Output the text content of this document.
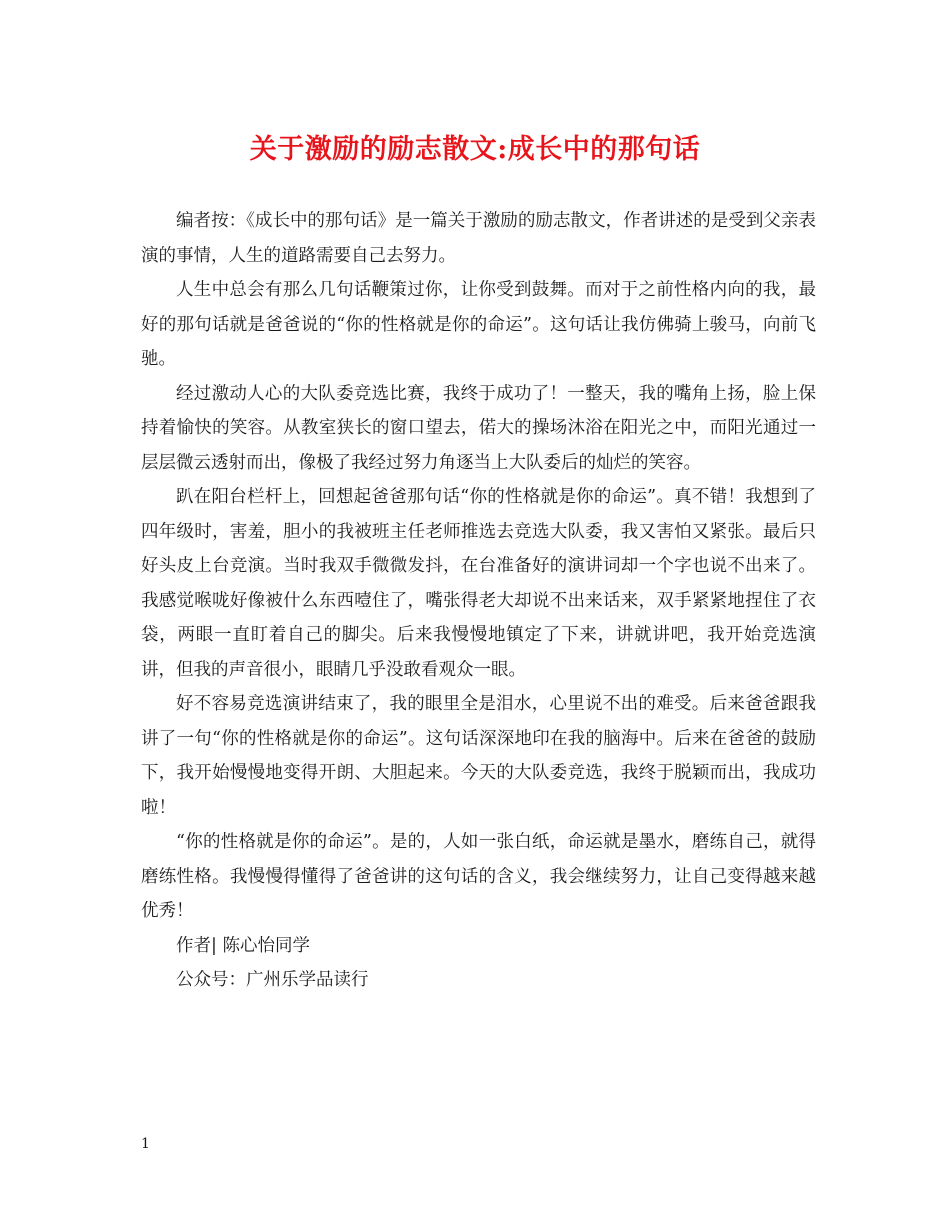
关于激励的励志散文:成长中的那句话

编者按：《成长中的那句话》是一篇关于激励的励志散文，作者讲述的是受到父亲表演的事情，人生的道路需要自己去努力。

人生中总会有那么几句话鞭策过你，让你受到鼓舞。而对于之前性格内向的我，最好的那句话就是爸爸说的“你的性格就是你的命运”。这句话让我仿佛骑上骏马，向前飞驰。

经过激动人心的大队委竞选比赛，我终于成功了！一整天，我的嘴角上扬，脸上保持着愉快的笑容。从教室狭长的窗口望去，偌大的操场沐浴在阳光之中，而阳光通过一层层微云透射而出，像极了我经过努力角逐当上大队委后的灿烂的笑容。

趴在阳台栏杆上，回想起爸爸那句话“你的性格就是你的命运”。真不错！我想到了四年级时，害羞，胆小的我被班主任老师推选去竞选大队委，我又害怕又紧张。最后只好头皮上台竞演。当时我双手微微发抖，在台准备好的演讲词却一个字也说不出来了。我感觉喉咙好像被什么东西噎住了，嘴张得老大却说不出来话来，双手紧紧地捏住了衣袋，两眼一直盯着自己的脚尖。后来我慢慢地镇定了下来，讲就讲吧，我开始竞选演讲，但我的声音很小，眼睛几乎没敢看观众一眼。

好不容易竞选演讲结束了，我的眼里全是泪水，心里说不出的难受。后来爸爸跟我讲了一句“你的性格就是你的命运”。这句话深深地印在我的脑海中。后来在爸爸的鼓励下，我开始慢慢地变得开朗、大胆起来。今天的大队委竞选，我终于脱颖而出，我成功啦！

“你的性格就是你的命运”。是的，人如一张白纸，命运就是墨水，磨练自己，就得磨练性格。我慢慢得懂得了爸爸讲的这句话的含义，我会继续努力，让自己变得越来越优秀！

作者| 陈心怡同学

公众号：广州乐学品读行

1
